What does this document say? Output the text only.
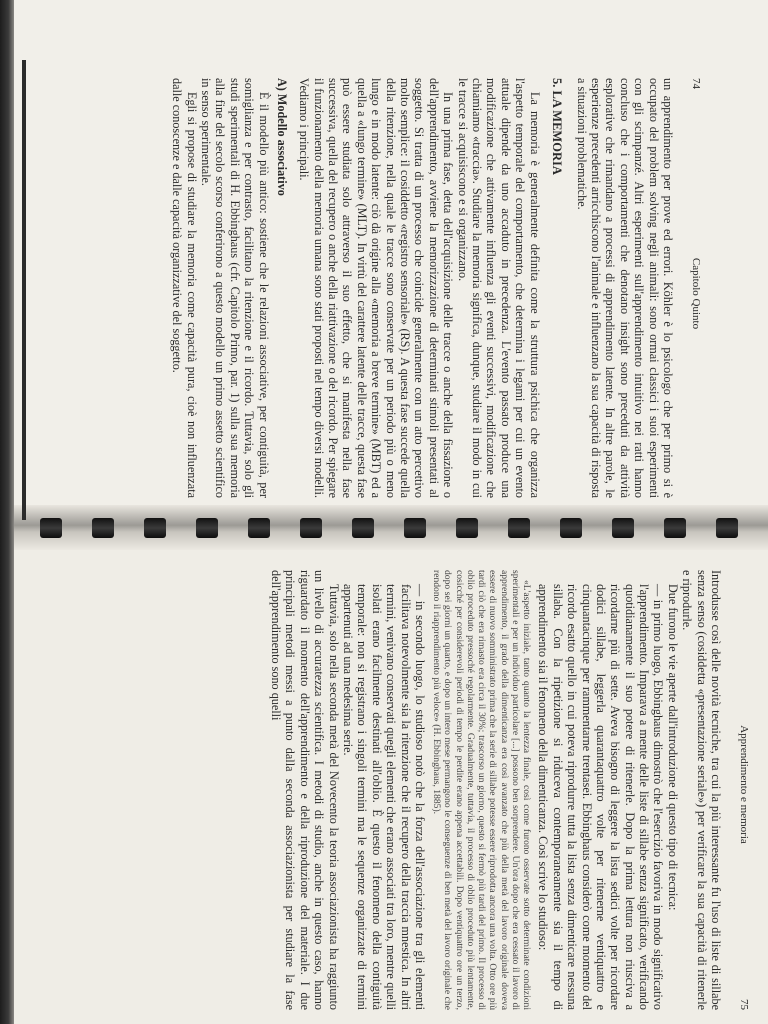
74
Capitolo Quinto

un apprendimento per prove ed errori. Köhler è lo psicologo che per primo si è occupato del problem solving negli animali: sono ormai classici i suoi esperimenti con gli scimpanzé. Altri esperimenti sull'apprendimento intuitivo nei ratti hanno concluso che i comportamenti che denotano insight sono preceduti da attività esplorative che rimandano a processi di apprendimento latente. In altre parole, le esperienze precedenti arricchiscono l'animale e influenzano la sua capacità di risposta a situazioni problematiche.

5. LA MEMORIA

La memoria è generalmente definita come la struttura psichica che organizza l'aspetto temporale del comportamento, che determina i legami per cui un evento attuale dipende da uno accaduto in precedenza. L'evento passato produce una modificazione che attivamente influenza gli eventi successivi, modificazione che chiamiamo «traccia». Studiare la memoria significa, dunque, studiare il modo in cui le tracce si acquisiscono e si organizzano.

In una prima fase, detta dell'acquisizione delle tracce o anche della fissazione o dell'apprendimento, avviene la memorizzazione di determinati stimoli presentati al soggetto. Si tratta di un processo che coincide generalmente con un atto percettivo molto semplice: il cosiddetto «registro sensoriale» (RS). A questa fase succede quella della ritenzione, nella quale le tracce sono conservate per un periodo più o meno lungo e in modo latente: ciò dà origine alla «memoria a breve termine» (MBT) ed a quella a «lungo termine» (MLT). In virtù del carattere latente delle tracce, questa fase può essere studiata solo attraverso il suo effetto, che si manifesta nella fase successiva, quella del recupero o anche della riattivazione o del ricordo. Per spiegare il funzionamento della memoria umana sono stati proposti nel tempo diversi modelli. Vediamo i principali.

A) Modello associativo

È il modello più antico: sostiene che le relazioni associative, per contiguità, per somiglianza e per contrasto, facilitano la ritenzione e il ricordo. Tuttavia, solo gli studi sperimentali di H. Ebbinghaus (cfr. Capitolo Primo, par. 1) sulla sua memoria alla fine del secolo scorso conferirono a questo modello un primo assetto scientifico in senso sperimentale.

Egli si propose di studiare la memoria come capacità pura, cioè non influenzata dalle conoscenze e dalle capacità organizzative del soggetto.

Apprendimento e memoria
75

Introdusse così delle novità tecniche, tra cui la più interessante fu l'uso di liste di sillabe senza senso (cosiddetta «presentazione seriale») per verificare la sua capacità di ritenerle e riprodurle.

Due furono le vie aperte dall'introduzione di questo tipo di tecnica:

— in primo luogo, Ebbinghaus dimostrò che l'esercizio favoriva in modo significativo l'apprendimento. Imparava a mente delle liste di sillabe senza significato, verificando quotidianamente il suo potere di ritenerle. Dopo la prima lettura non riusciva a ricordarne più di sette. Aveva bisogno di leggere la lista sedici volte per ricordare dodici sillabe, leggerla quarantaquattro volte per ritenerne ventiquattro e cinquantacinque per rammentarne trentasei. Ebbinghaus considerò come momento del ricordo esatto quello in cui poteva riprodurre tutta la lista senza dimenticare nessuna sillaba. Con la ripetizione si riduceva contemporaneamente sia il tempo di apprendimento sia il fenomeno della dimenticanza. Così scrive lo studioso:

«L'aspetto iniziale, tanto quanto la lentezza finale, così come furono osservate sotto determinate condizioni sperimentali e per un individuo particolare [...] possono ben sorprendere. Un'ora dopo che era cessato il lavoro di apprendimento, il grado della dimenticanza era così avanzato che più della metà del lavoro originale doveva essere di nuovo somministrato prima che la serie di sillabe potesse essere riprodotta ancora una volta. Otto ore più tardi ciò che era rimasto era circa il 30%; trascorso un giorno, questo si fermò più tardi del primo. Il processo di oblio proceduto pressoché regolarmente. Gradualmente, tuttavia, il processo di oblio proceduto più lentamente, cosicché per considerevoli periodi di tempo le perdite erano appena accettabili. Dopo ventiquattro ore un terzo, dopo sei giorni un quarto, e dopo un intero mese permangono le conseguenze di ben metà del lavoro originale che rendono il riapprendimento più veloce» (H. Ebbinghaus, 1885).

— in secondo luogo, lo studioso notò che la forza dell'associazione tra gli elementi facilitava notevolmente sia la ritenzione che il recupero della traccia mnestica. In altri termini, venivano conservati quegli elementi che erano associati tra loro, mentre quelli isolati erano facilmente destinati all'oblio. È questo il fenomeno della contiguità temporale: non si registrano i singoli termini ma le sequenze organizzate di termini appartenuti ad una medesima serie.

Tuttavia, solo nella seconda metà del Novecento la teoria associazionista ha raggiunto un livello di accuratezza scientifica. I metodi di studio, anche in questo caso, hanno riguardato il momento dell'apprendimento e della riproduzione del materiale. I due principali metodi messi a punto dalla seconda associazionista per studiare la fase dell'apprendimento sono quelli
